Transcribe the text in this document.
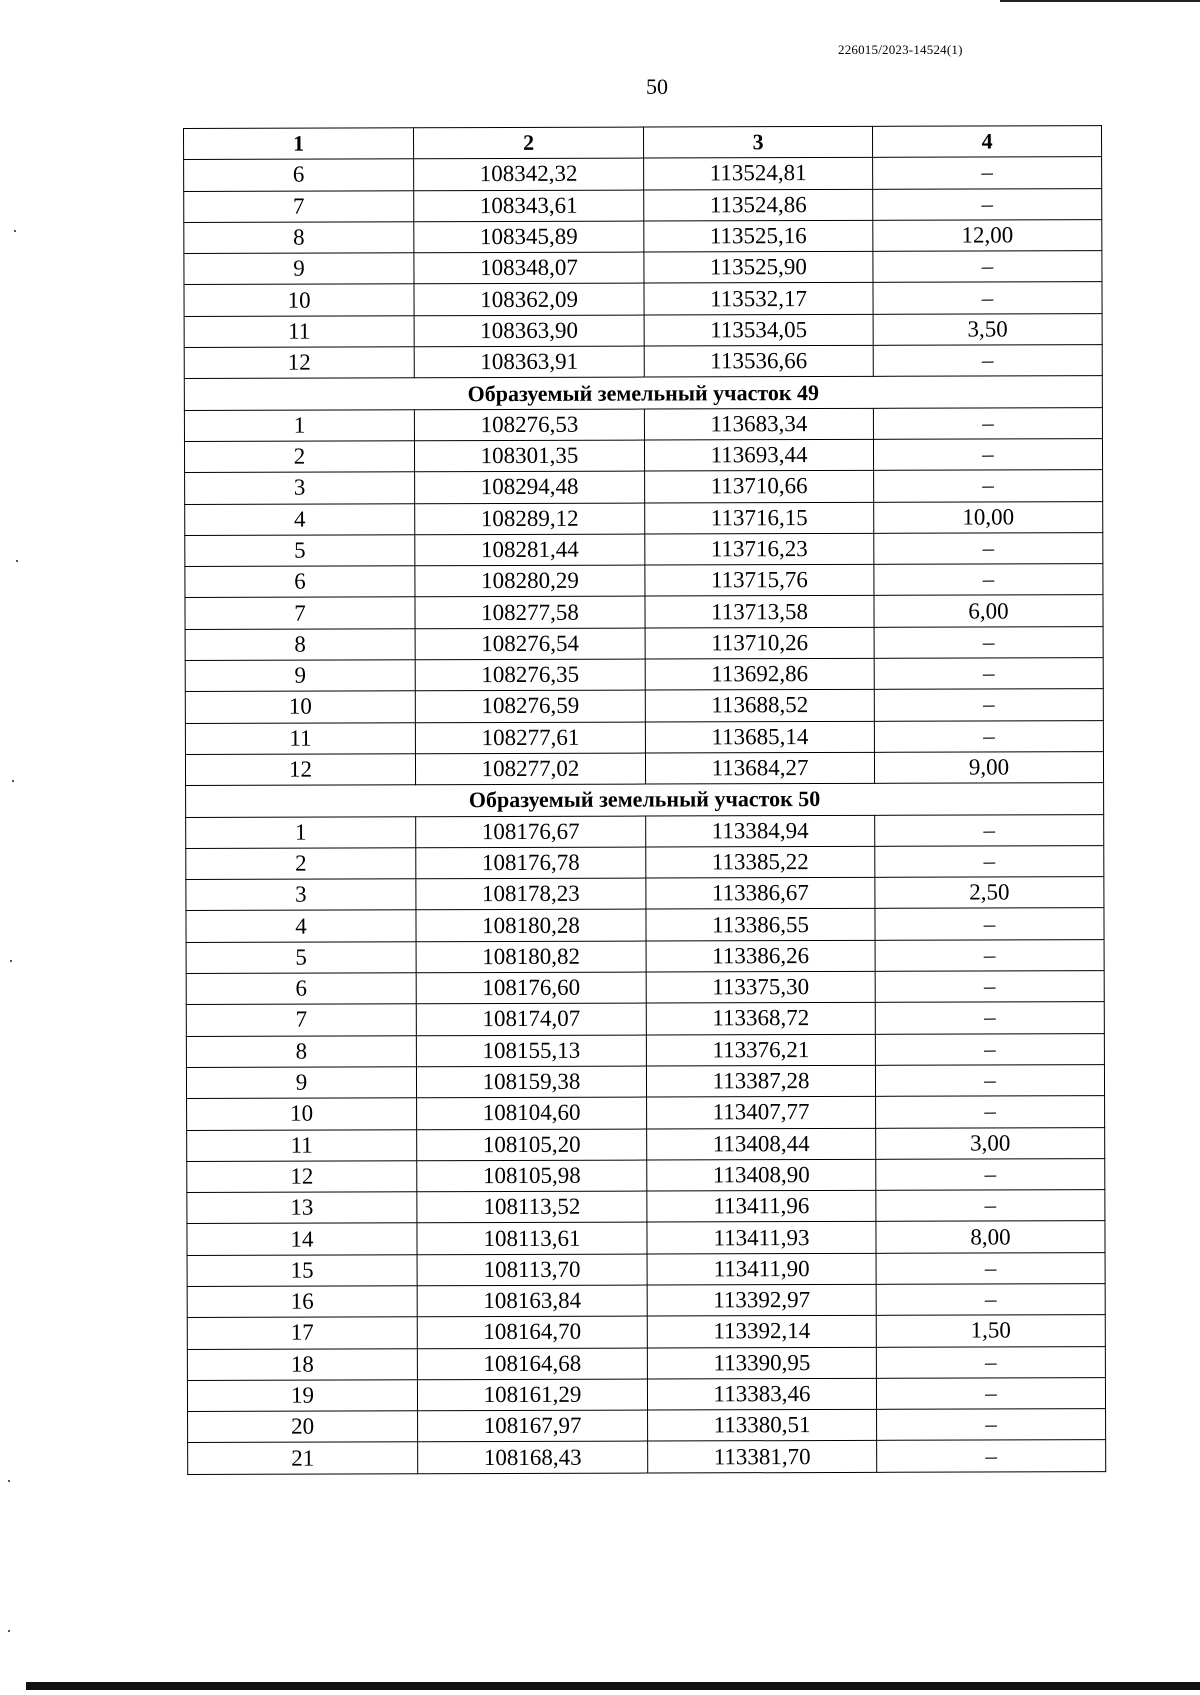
226015/2023-14524(1)
50
1	2	3	4
6	108342,32	113524,81	–
7	108343,61	113524,86	–
8	108345,89	113525,16	12,00
9	108348,07	113525,90	–
10	108362,09	113532,17	–
11	108363,90	113534,05	3,50
12	108363,91	113536,66	–
Образуемый земельный участок 49			
1	108276,53	113683,34	–
2	108301,35	113693,44	–
3	108294,48	113710,66	–
4	108289,12	113716,15	10,00
5	108281,44	113716,23	–
6	108280,29	113715,76	–
7	108277,58	113713,58	6,00
8	108276,54	113710,26	–
9	108276,35	113692,86	–
10	108276,59	113688,52	–
11	108277,61	113685,14	–
12	108277,02	113684,27	9,00
Образуемый земельный участок 50			
1	108176,67	113384,94	–
2	108176,78	113385,22	–
3	108178,23	113386,67	2,50
4	108180,28	113386,55	–
5	108180,82	113386,26	–
6	108176,60	113375,30	–
7	108174,07	113368,72	–
8	108155,13	113376,21	–
9	108159,38	113387,28	–
10	108104,60	113407,77	–
11	108105,20	113408,44	3,00
12	108105,98	113408,90	–
13	108113,52	113411,96	–
14	108113,61	113411,93	8,00
15	108113,70	113411,90	–
16	108163,84	113392,97	–
17	108164,70	113392,14	1,50
18	108164,68	113390,95	–
19	108161,29	113383,46	–
20	108167,97	113380,51	–
21	108168,43	113381,70	–
